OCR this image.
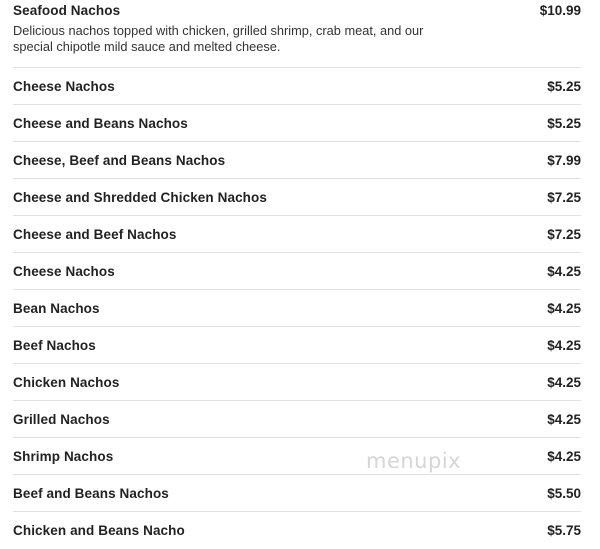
Seafood Nachos	$10.99
Delicious nachos topped with chicken, grilled shrimp, crab meat, and our special chipotle mild sauce and melted cheese.
Cheese Nachos	$5.25
Cheese and Beans Nachos	$5.25
Cheese, Beef and Beans Nachos	$7.99
Cheese and Shredded Chicken Nachos	$7.25
Cheese and Beef Nachos	$7.25
Cheese Nachos	$4.25
Bean Nachos	$4.25
Beef Nachos	$4.25
Chicken Nachos	$4.25
Grilled Nachos	$4.25
Shrimp Nachos	$4.25
Beef and Beans Nachos	$5.50
Chicken and Beans Nacho	$5.75
menupix
